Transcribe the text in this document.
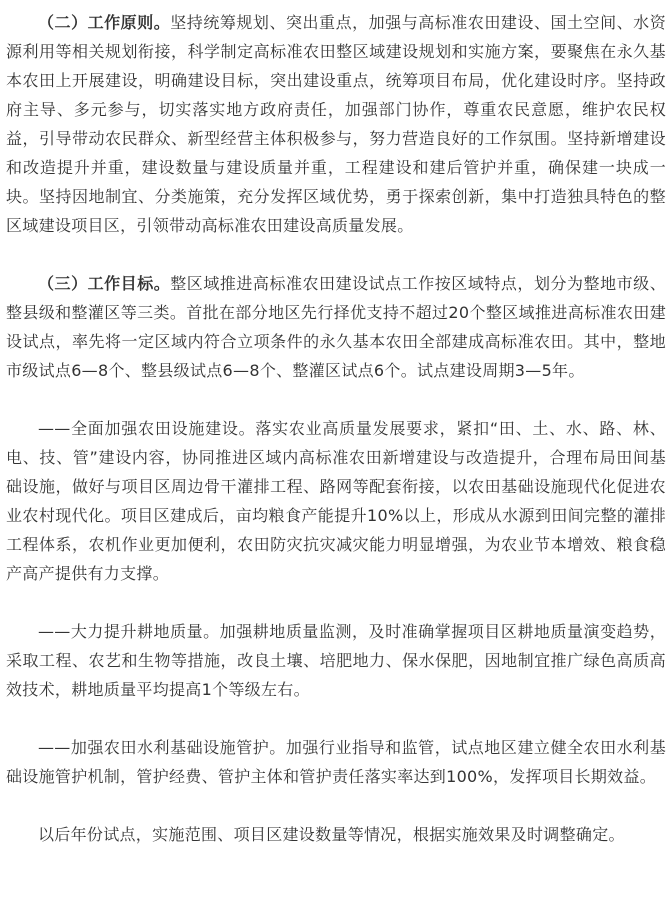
（二）工作原则。坚持统筹规划、突出重点，加强与高标准农田建设、国土空间、水资源利用等相关规划衔接，科学制定高标准农田整区域建设规划和实施方案，要聚焦在永久基本农田上开展建设，明确建设目标，突出建设重点，统筹项目布局，优化建设时序。坚持政府主导、多元参与，切实落实地方政府责任，加强部门协作，尊重农民意愿，维护农民权益，引导带动农民群众、新型经营主体积极参与，努力营造良好的工作氛围。坚持新增建设和改造提升并重，建设数量与建设质量并重，工程建设和建后管护并重，确保建一块成一块。坚持因地制宜、分类施策，充分发挥区域优势，勇于探索创新，集中打造独具特色的整区域建设项目区，引领带动高标准农田建设高质量发展。

（三）工作目标。整区域推进高标准农田建设试点工作按区域特点，划分为整地市级、整县级和整灌区等三类。首批在部分地区先行择优支持不超过20个整区域推进高标准农田建设试点，率先将一定区域内符合立项条件的永久基本农田全部建成高标准农田。其中，整地市级试点6—8个、整县级试点6—8个、整灌区试点6个。试点建设周期3—5年。

——全面加强农田设施建设。落实农业高质量发展要求，紧扣“田、土、水、路、林、电、技、管”建设内容，协同推进区域内高标准农田新增建设与改造提升，合理布局田间基础设施，做好与项目区周边骨干灌排工程、路网等配套衔接，以农田基础设施现代化促进农业农村现代化。项目区建成后，亩均粮食产能提升10%以上，形成从水源到田间完整的灌排工程体系，农机作业更加便利，农田防灾抗灾减灾能力明显增强，为农业节本增效、粮食稳产高产提供有力支撑。

——大力提升耕地质量。加强耕地质量监测，及时准确掌握项目区耕地质量演变趋势，采取工程、农艺和生物等措施，改良土壤、培肥地力、保水保肥，因地制宜推广绿色高质高效技术，耕地质量平均提高1个等级左右。

——加强农田水利基础设施管护。加强行业指导和监管，试点地区建立健全农田水利基础设施管护机制，管护经费、管护主体和管护责任落实率达到100%，发挥项目长期效益。

以后年份试点，实施范围、项目区建设数量等情况，根据实施效果及时调整确定。
